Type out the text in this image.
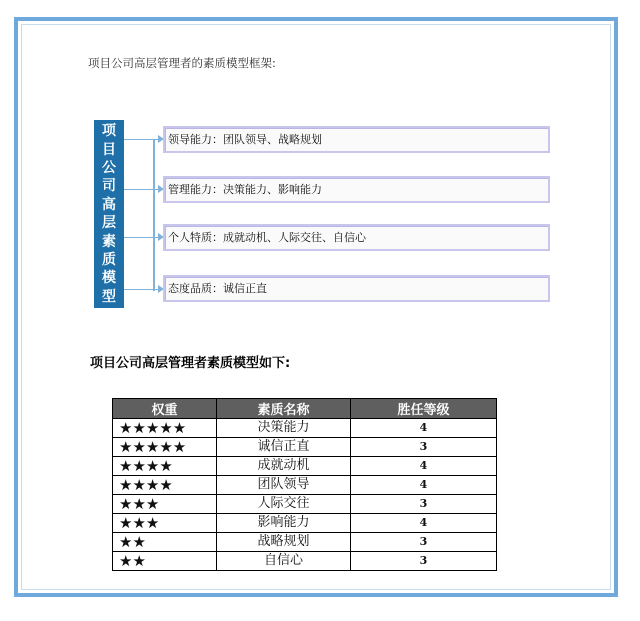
项目公司高层管理者的素质模型框架:
项
目
公
司
高
层
素
质
模
型
领导能力：团队领导、战略规划
管理能力：决策能力、影响能力
个人特质：成就动机、人际交往、自信心
态度品质：诚信正直
项目公司高层管理者素质模型如下:
权重	素质名称	胜任等级
★★★★★	决策能力	4
★★★★★	诚信正直	3
★★★★	成就动机	4
★★★★	团队领导	4
★★★	人际交往	3
★★★	影响能力	4
★★	战略规划	3
★★	自信心	3
